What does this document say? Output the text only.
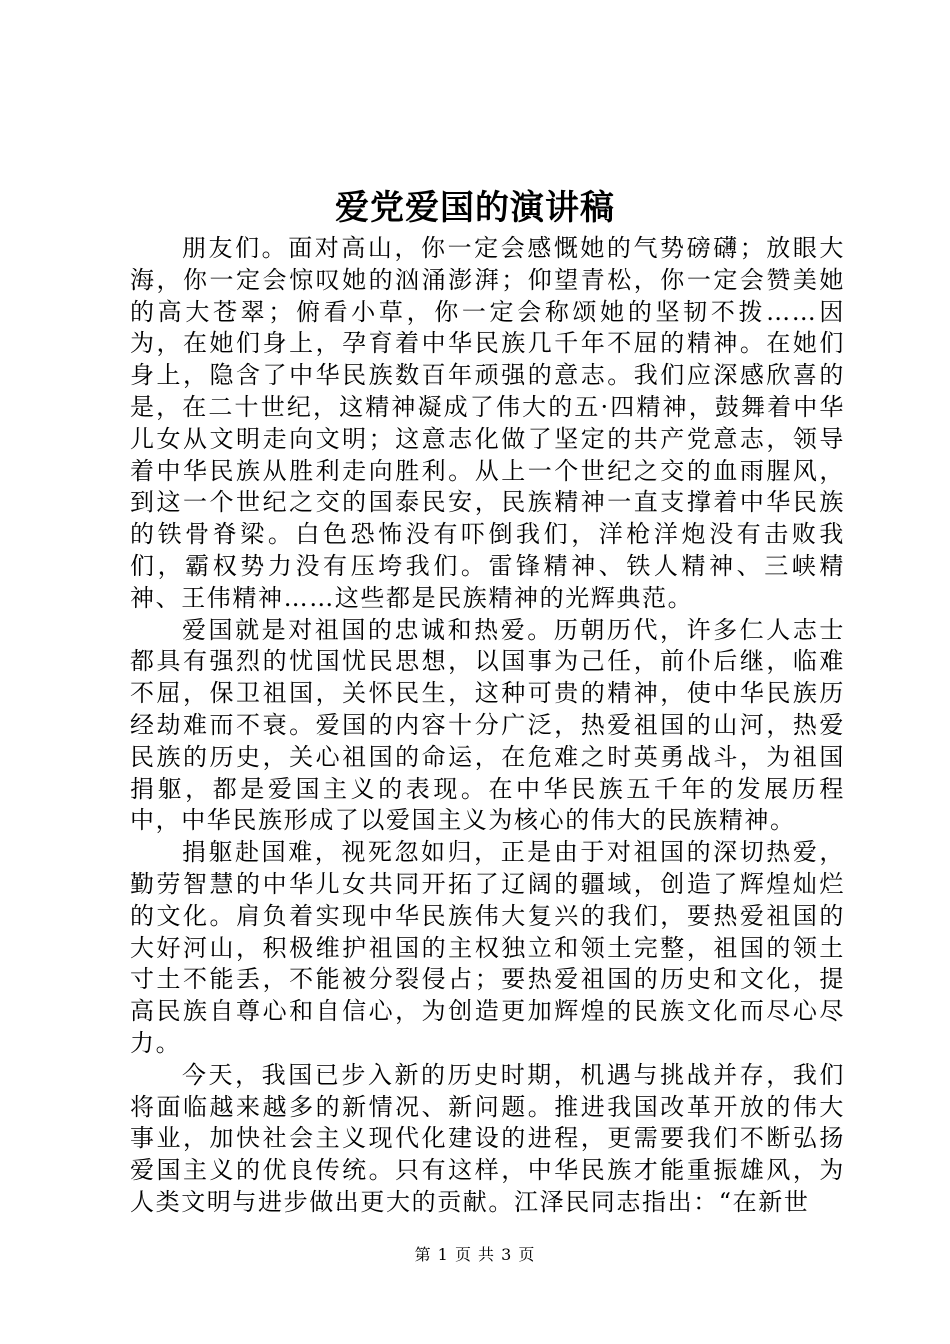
爱党爱国的演讲稿

朋友们。面对高山，你一定会感慨她的气势磅礴；放眼大海，你一定会惊叹她的汹涌澎湃；仰望青松，你一定会赞美她的高大苍翠；俯看小草，你一定会称颂她的坚韧不拨……因为，在她们身上，孕育着中华民族几千年不屈的精神。在她们身上，隐含了中华民族数百年顽强的意志。我们应深感欣喜的是，在二十世纪，这精神凝成了伟大的五·四精神，鼓舞着中华儿女从文明走向文明；这意志化做了坚定的共产党意志，领导着中华民族从胜利走向胜利。从上一个世纪之交的血雨腥风，到这一个世纪之交的国泰民安，民族精神一直支撑着中华民族的铁骨脊梁。白色恐怖没有吓倒我们，洋枪洋炮没有击败我们，霸权势力没有压垮我们。雷锋精神、铁人精神、三峡精神、王伟精神……这些都是民族精神的光辉典范。

爱国就是对祖国的忠诚和热爱。历朝历代，许多仁人志士都具有强烈的忧国忧民思想，以国事为己任，前仆后继，临难不屈，保卫祖国，关怀民生，这种可贵的精神，使中华民族历经劫难而不衰。爱国的内容十分广泛，热爱祖国的山河，热爱民族的历史，关心祖国的命运，在危难之时英勇战斗，为祖国捐躯，都是爱国主义的表现。在中华民族五千年的发展历程中，中华民族形成了以爱国主义为核心的伟大的民族精神。

捐躯赴国难，视死忽如归，正是由于对祖国的深切热爱，勤劳智慧的中华儿女共同开拓了辽阔的疆域，创造了辉煌灿烂的文化。肩负着实现中华民族伟大复兴的我们，要热爱祖国的大好河山，积极维护祖国的主权独立和领土完整，祖国的领土寸土不能丢，不能被分裂侵占；要热爱祖国的历史和文化，提高民族自尊心和自信心，为创造更加辉煌的民族文化而尽心尽力。

今天，我国已步入新的历史时期，机遇与挑战并存，我们将面临越来越多的新情况、新问题。推进我国改革开放的伟大事业，加快社会主义现代化建设的进程，更需要我们不断弘扬爱国主义的优良传统。只有这样，中华民族才能重振雄风，为人类文明与进步做出更大的贡献。江泽民同志指出：“在新世

第 1 页 共 3 页
